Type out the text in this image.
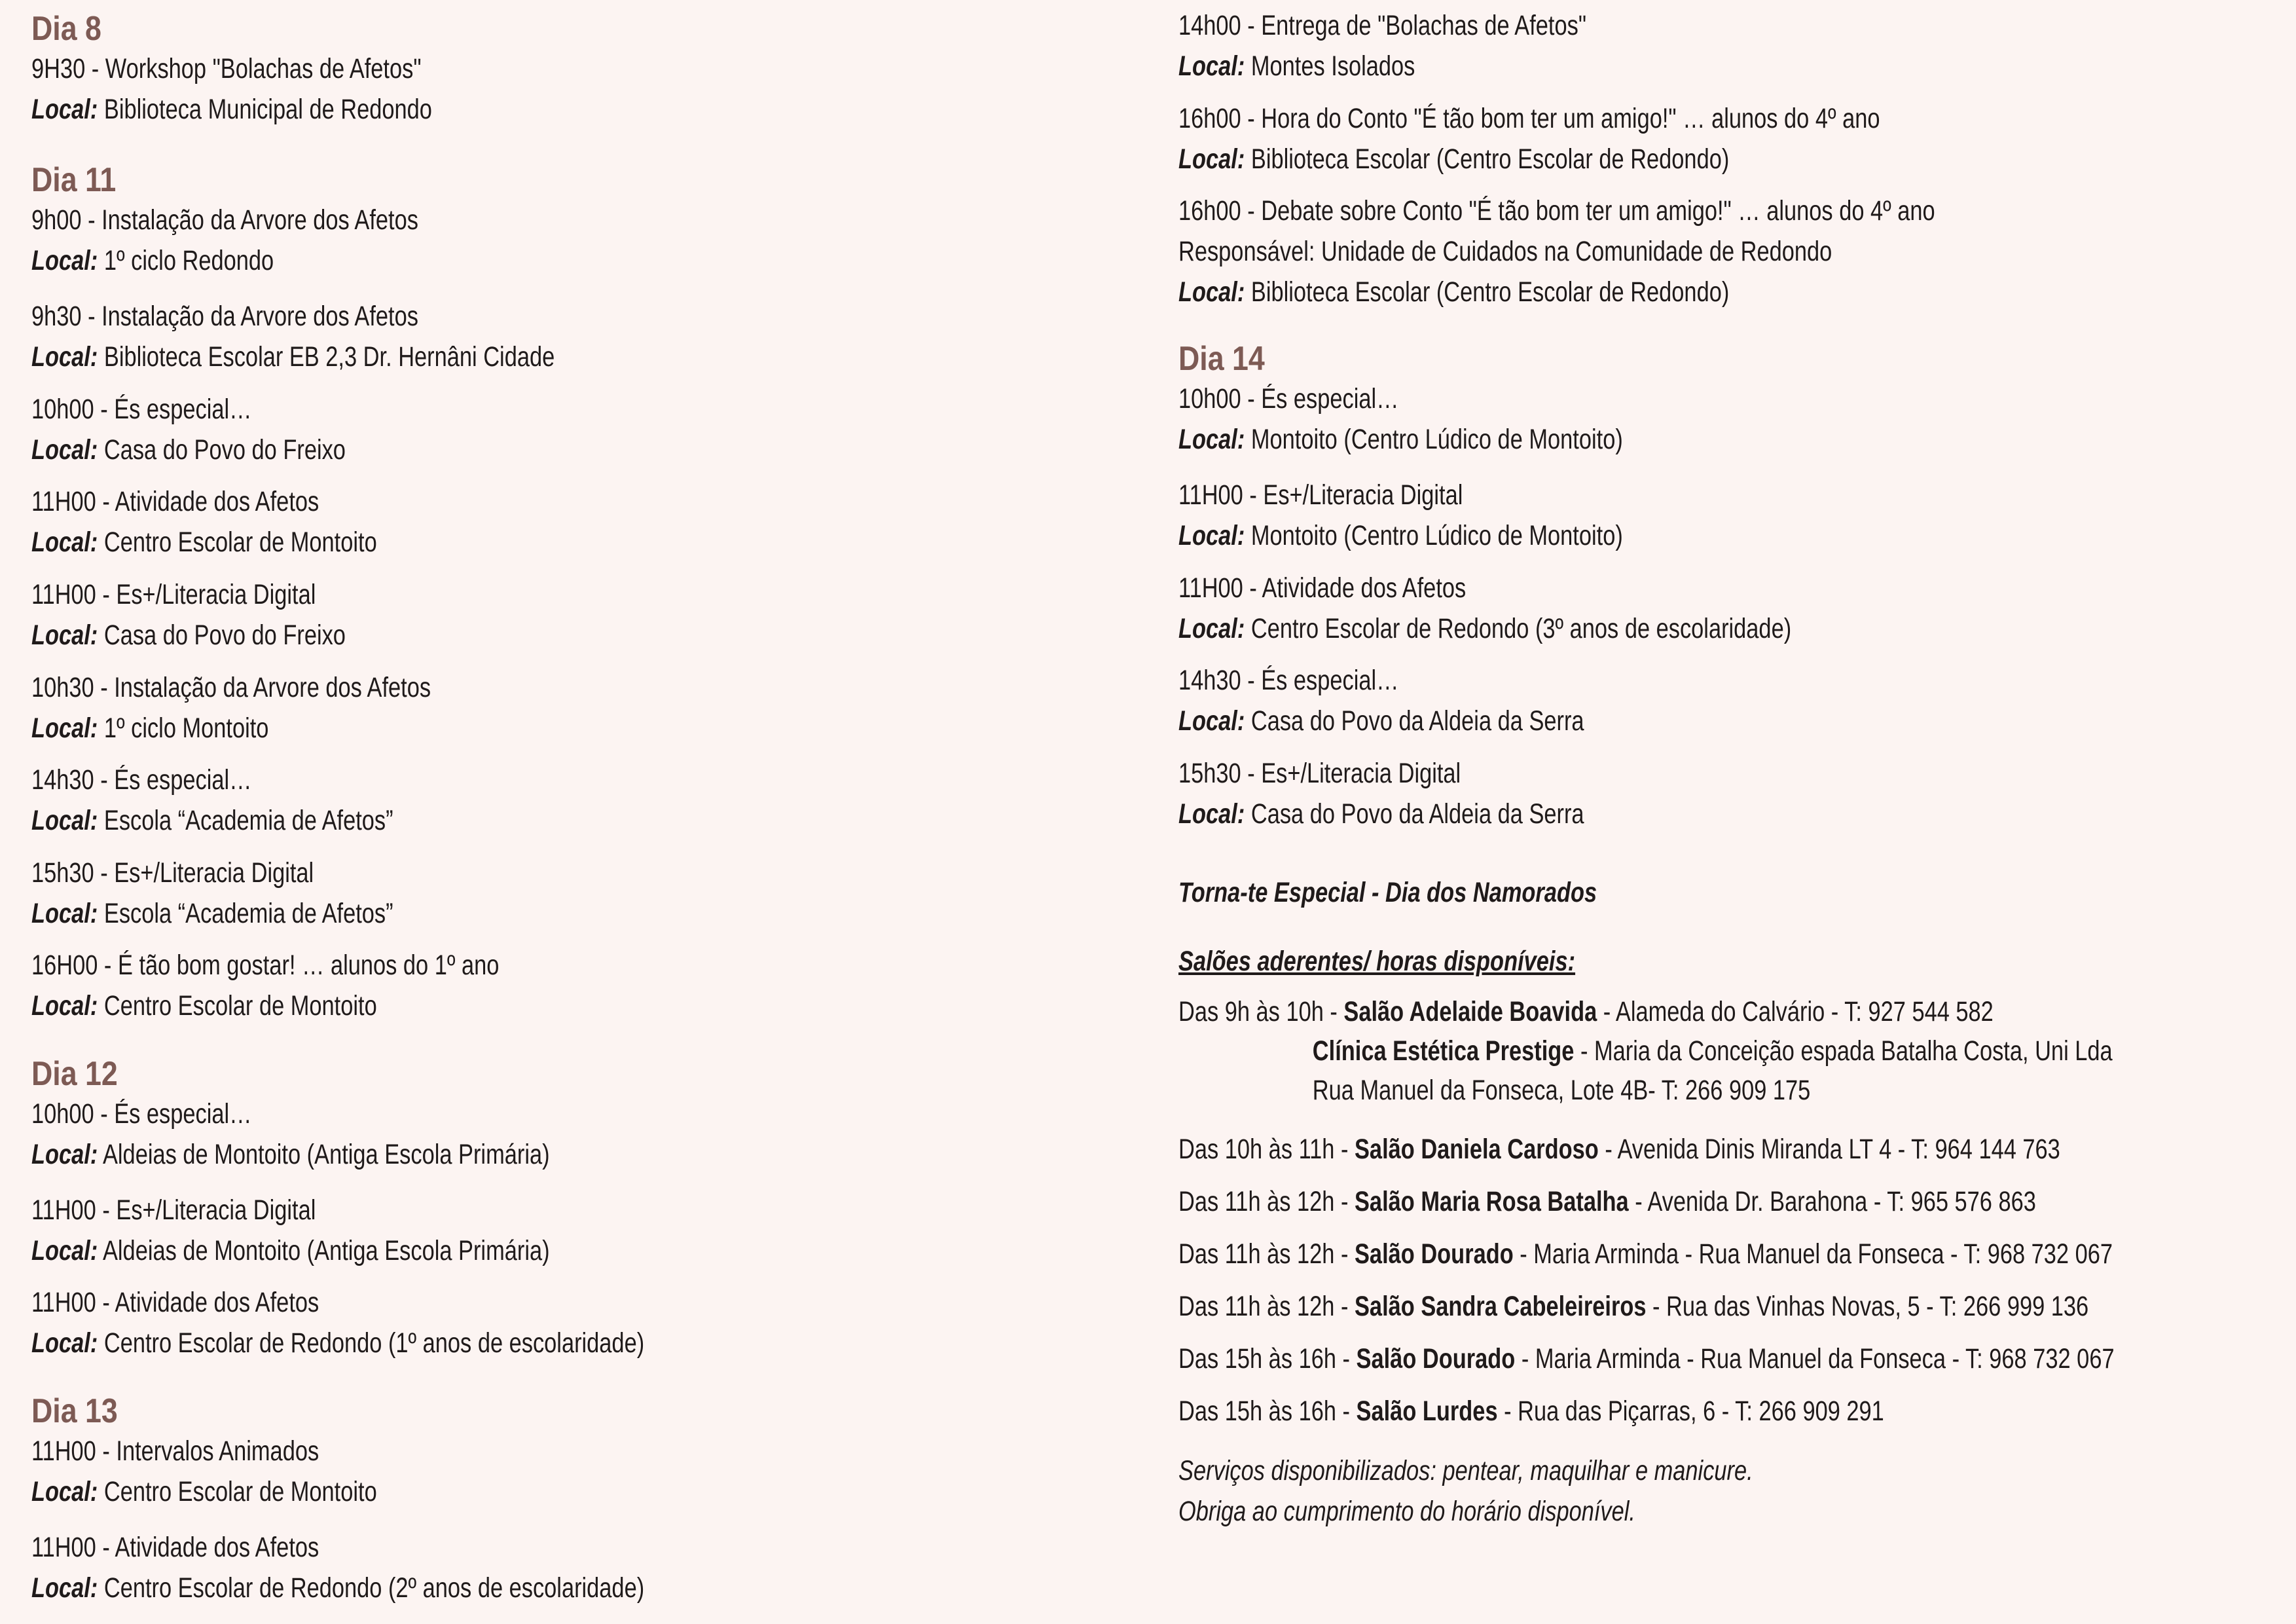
Dia 8
9H30 - Workshop "Bolachas de Afetos"
Local: Biblioteca Municipal de Redondo
Dia 11
9h00 - Instalação da Arvore dos Afetos
Local: 1º ciclo Redondo
9h30 - Instalação da Arvore dos Afetos
Local: Biblioteca Escolar EB 2,3 Dr. Hernâni Cidade
10h00 - És especial…
Local: Casa do Povo do Freixo
11H00 - Atividade dos Afetos
Local: Centro Escolar de Montoito
11H00 - Es+/Literacia Digital
Local: Casa do Povo do Freixo
10h30 - Instalação da Arvore dos Afetos
Local: 1º ciclo Montoito
14h30 - És especial…
Local: Escola “Academia de Afetos”
15h30 - Es+/Literacia Digital
Local: Escola “Academia de Afetos”
16H00 - É tão bom gostar! … alunos do 1º ano
Local: Centro Escolar de Montoito
Dia 12
10h00 - És especial…
Local: Aldeias de Montoito (Antiga Escola Primária)
11H00 - Es+/Literacia Digital
Local: Aldeias de Montoito (Antiga Escola Primária)
11H00 - Atividade dos Afetos
Local: Centro Escolar de Redondo (1º anos de escolaridade)
Dia 13
11H00 - Intervalos Animados
Local: Centro Escolar de Montoito
11H00 - Atividade dos Afetos
Local: Centro Escolar de Redondo (2º anos de escolaridade)
14h00 - Entrega de "Bolachas de Afetos"
Local: Montes Isolados
16h00 - Hora do Conto "É tão bom ter um amigo!" … alunos do 4º ano
Local: Biblioteca Escolar (Centro Escolar de Redondo)
16h00 - Debate sobre Conto "É tão bom ter um amigo!" … alunos do 4º ano
Responsável: Unidade de Cuidados na Comunidade de Redondo
Local: Biblioteca Escolar (Centro Escolar de Redondo)
Dia 14
10h00 - És especial…
Local: Montoito (Centro Lúdico de Montoito)
11H00 - Es+/Literacia Digital
Local: Montoito (Centro Lúdico de Montoito)
11H00 - Atividade dos Afetos
Local: Centro Escolar de Redondo (3º anos de escolaridade)
14h30 - És especial…
Local: Casa do Povo da Aldeia da Serra
15h30 - Es+/Literacia Digital
Local: Casa do Povo da Aldeia da Serra
Torna-te Especial - Dia dos Namorados
Salões aderentes/ horas disponíveis:
Das 9h às 10h - Salão Adelaide Boavida - Alameda do Calvário - T: 927 544 582
Clínica Estética Prestige - Maria da Conceição espada Batalha Costa, Uni Lda
Rua Manuel da Fonseca, Lote 4B- T: 266 909 175
Das 10h às 11h - Salão Daniela Cardoso - Avenida Dinis Miranda LT 4 - T: 964 144 763
Das 11h às 12h - Salão Maria Rosa Batalha - Avenida Dr. Barahona - T: 965 576 863
Das 11h às 12h - Salão Dourado - Maria Arminda - Rua Manuel da Fonseca - T: 968 732 067
Das 11h às 12h - Salão Sandra Cabeleireiros - Rua das Vinhas Novas, 5 - T: 266 999 136
Das 15h às 16h - Salão Dourado - Maria Arminda - Rua Manuel da Fonseca - T: 968 732 067
Das 15h às 16h - Salão Lurdes - Rua das Piçarras, 6 - T: 266 909 291
Serviços disponibilizados: pentear, maquilhar e manicure.
Obriga ao cumprimento do horário disponível.
